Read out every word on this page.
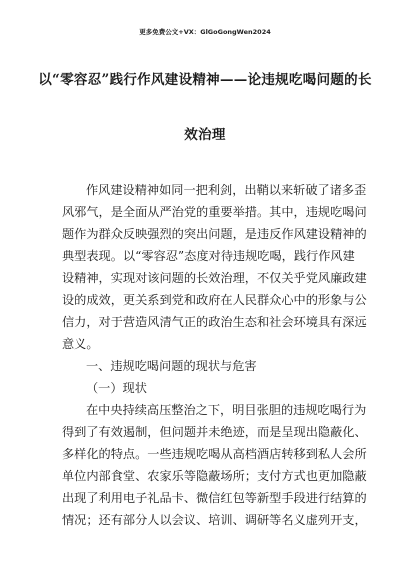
更多免费公文+VX：GlGoGongWen2024
以“零容忍”践行作风建设精神——论违规吃喝问题的长
效治理
作风建设精神如同一把利剑，出鞘以来斩破了诸多歪
风邪气，是全面从严治党的重要举措。其中，违规吃喝问
题作为群众反映强烈的突出问题，是违反作风建设精神的
典型表现。以“零容忍”态度对待违规吃喝，践行作风建
设精神，实现对该问题的长效治理，不仅关乎党风廉政建
设的成效，更关系到党和政府在人民群众心中的形象与公
信力，对于营造风清气正的政治生态和社会环境具有深远
意义。
一、违规吃喝问题的现状与危害
（一）现状
在中央持续高压整治之下，明目张胆的违规吃喝行为
得到了有效遏制，但问题并未绝迹，而是呈现出隐蔽化、
多样化的特点。一些违规吃喝从高档酒店转移到私人会所
单位内部食堂、农家乐等隐蔽场所；支付方式也更加隐蔽
出现了利用电子礼品卡、微信红包等新型手段进行结算的
情况；还有部分人以会议、培训、调研等名义虚列开支，
